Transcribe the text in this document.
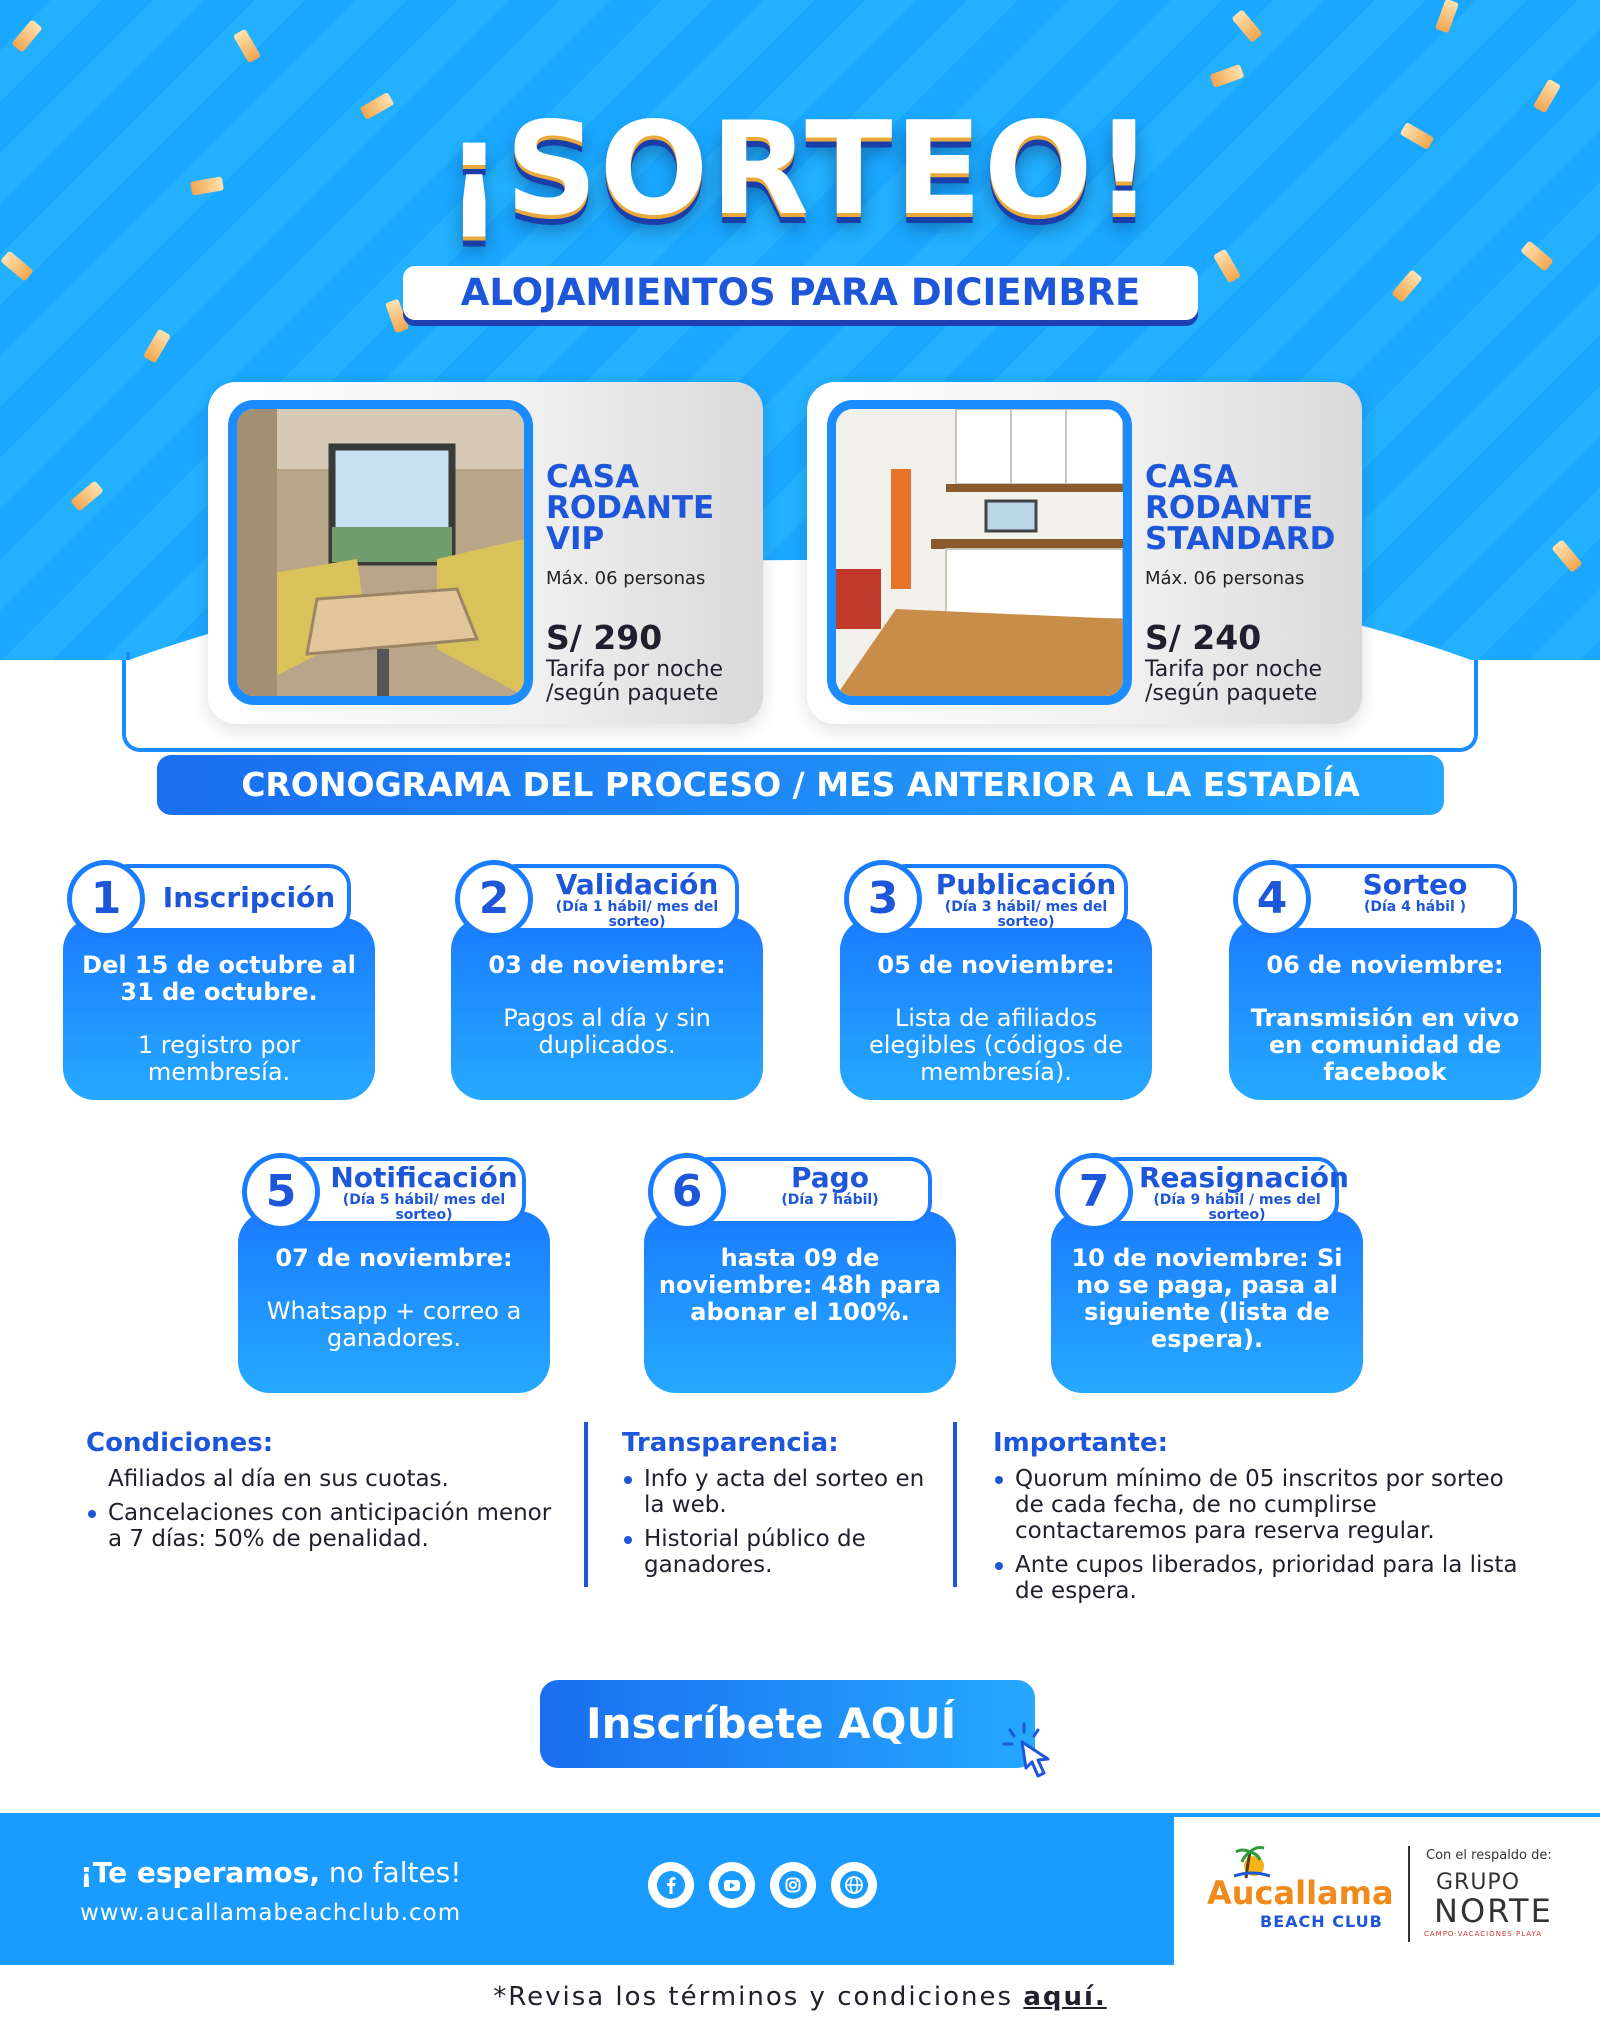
¡SORTEO!
ALOJAMIENTOS PARA DICIEMBRE
CASA RODANTE VIP
Máx. 06 personas
S/ 290
Tarifa por noche
/según paquete
CASA RODANTE STANDARD
Máx. 06 personas
S/ 240
Tarifa por noche
/según paquete
CRONOGRAMA DEL PROCESO / MES ANTERIOR A LA ESTADÍA
Del 15 de octubre al 31 de octubre.
1 registro por membresía.
Inscripción
1
03 de noviembre:
Pagos al día y sin duplicados.
Validación
(Día 1 hábil/ mes del sorteo)
2
05 de noviembre:
Lista de afiliados elegibles (códigos de membresía).
Publicación
(Día 3 hábil/ mes del sorteo)
3
06 de noviembre:
Transmisión en vivo en comunidad de facebook
Sorteo
(Día 4 hábil )
4
07 de noviembre:
Whatsapp + correo a ganadores.
Notificación
(Día 5 hábil/ mes del sorteo)
5
hasta 09 de noviembre: 48h para abonar el 100%.
Pago
(Día 7 hábil)
6
10 de noviembre: Si no se paga, pasa al siguiente (lista de espera).
Reasignación
(Día 9 hábil / mes del sorteo)
7
Condiciones:
Afiliados al día en sus cuotas.
Cancelaciones con anticipación menor a 7 días: 50% de penalidad.
Transparencia:
Info y acta del sorteo en la web.
Historial público de ganadores.
Importante:
Quorum mínimo de 05 inscritos por sorteo de cada fecha, de no cumplirse contactaremos para reserva regular.
Ante cupos liberados, prioridad para la lista de espera.
Inscríbete AQUÍ
¡Te esperamos, no faltes!
www.aucallamabeachclub.com
Aucallama
BEACH CLUB
Con el respaldo de:
GRUPO
NORTE
CAMPO·VACACIONES·PLAYA
*Revisa los términos y condiciones aquí.
